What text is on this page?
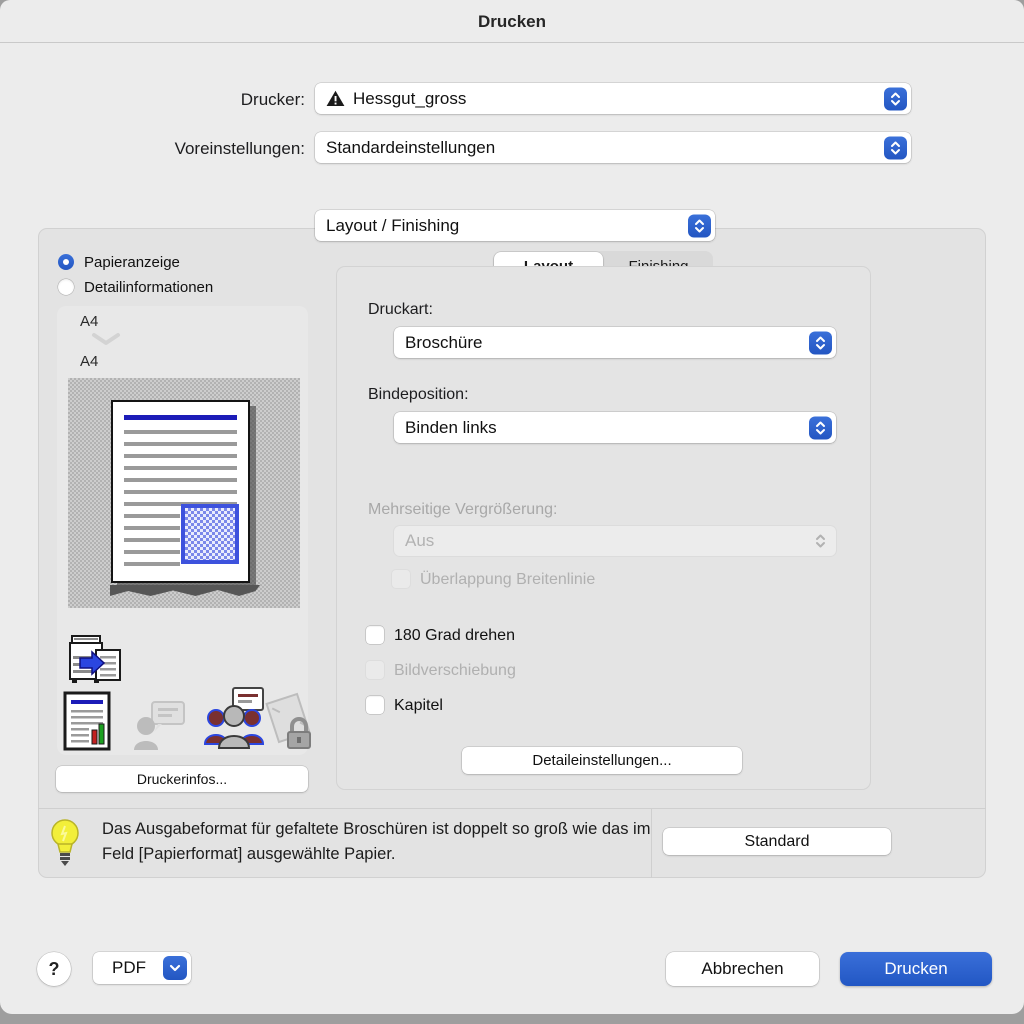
Drucken
Drucker:	Hessgut_gross
Voreinstellungen: Standardeinstellungen
Layout / Finishing
Papieranzeige
Detailinformationen
A4
A4
Druckerinfos...
Druckart:
Broschüre
Bindeposition:
Binden links
Mehrseitige Vergrößerung:
Aus
Überlappung Breitenlinie
180 Grad drehen
Bildverschiebung
Kapitel
Detaileinstellungen...
Das Ausgabeformat für gefaltete Broschüren ist doppelt so groß wie das im Feld [Papierformat] ausgewählte Papier.
Standard
?	PDF	Abbrechen	Drucken
